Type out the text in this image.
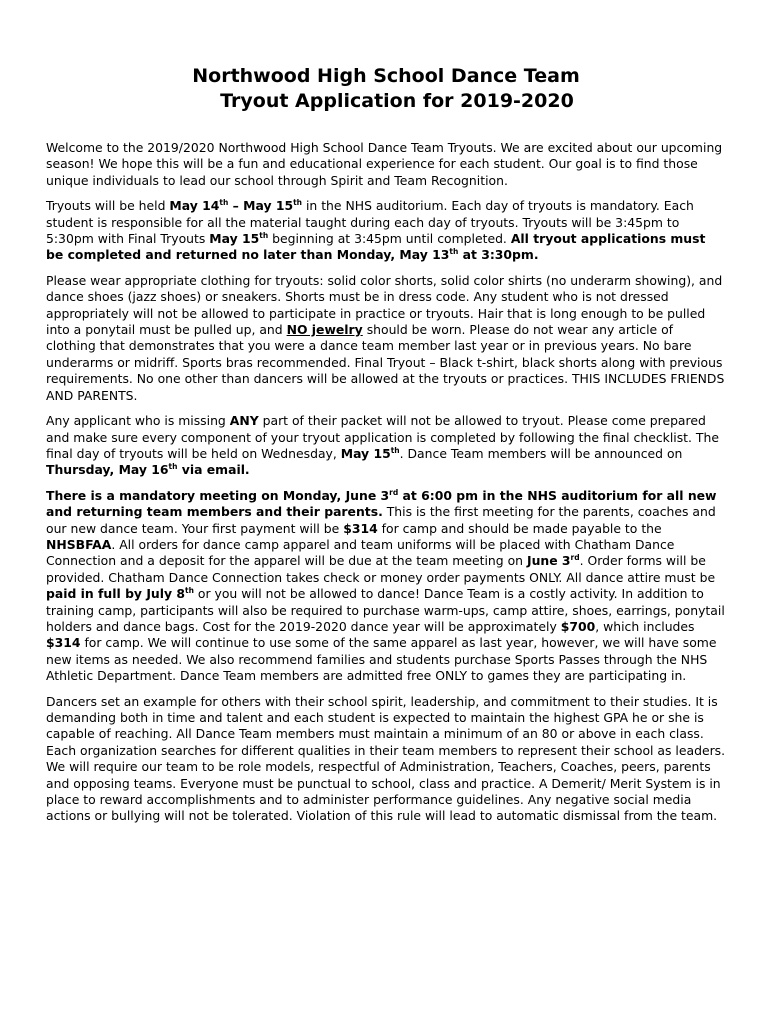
Northwood High School Dance Team
Tryout Application for 2019-2020

Welcome to the 2019/2020 Northwood High School Dance Team Tryouts. We are excited about our upcoming season! We hope this will be a fun and educational experience for each student. Our goal is to find those unique individuals to lead our school through Spirit and Team Recognition.

Tryouts will be held May 14th – May 15th in the NHS auditorium. Each day of tryouts is mandatory. Each student is responsible for all the material taught during each day of tryouts. Tryouts will be 3:45pm to 5:30pm with Final Tryouts May 15th beginning at 3:45pm until completed. All tryout applications must be completed and returned no later than Monday, May 13th at 3:30pm.

Please wear appropriate clothing for tryouts: solid color shorts, solid color shirts (no underarm showing), and dance shoes (jazz shoes) or sneakers. Shorts must be in dress code. Any student who is not dressed appropriately will not be allowed to participate in practice or tryouts. Hair that is long enough to be pulled into a ponytail must be pulled up, and NO jewelry should be worn. Please do not wear any article of clothing that demonstrates that you were a dance team member last year or in previous years. No bare underarms or midriff. Sports bras recommended. Final Tryout – Black t-shirt, black shorts along with previous requirements. No one other than dancers will be allowed at the tryouts or practices. THIS INCLUDES FRIENDS AND PARENTS.

Any applicant who is missing ANY part of their packet will not be allowed to tryout. Please come prepared and make sure every component of your tryout application is completed by following the final checklist. The final day of tryouts will be held on Wednesday, May 15th. Dance Team members will be announced on Thursday, May 16th via email.

There is a mandatory meeting on Monday, June 3rd at 6:00 pm in the NHS auditorium for all new and returning team members and their parents. This is the first meeting for the parents, coaches and our new dance team. Your first payment will be $314 for camp and should be made payable to the NHSBFAA. All orders for dance camp apparel and team uniforms will be placed with Chatham Dance Connection and a deposit for the apparel will be due at the team meeting on June 3rd. Order forms will be provided. Chatham Dance Connection takes check or money order payments ONLY. All dance attire must be paid in full by July 8th or you will not be allowed to dance! Dance Team is a costly activity. In addition to training camp, participants will also be required to purchase warm-ups, camp attire, shoes, earrings, ponytail holders and dance bags. Cost for the 2019-2020 dance year will be approximately $700, which includes $314 for camp. We will continue to use some of the same apparel as last year, however, we will have some new items as needed. We also recommend families and students purchase Sports Passes through the NHS Athletic Department. Dance Team members are admitted free ONLY to games they are participating in.

Dancers set an example for others with their school spirit, leadership, and commitment to their studies. It is demanding both in time and talent and each student is expected to maintain the highest GPA he or she is capable of reaching. All Dance Team members must maintain a minimum of an 80 or above in each class. Each organization searches for different qualities in their team members to represent their school as leaders. We will require our team to be role models, respectful of Administration, Teachers, Coaches, peers, parents and opposing teams. Everyone must be punctual to school, class and practice. A Demerit/ Merit System is in place to reward accomplishments and to administer performance guidelines. Any negative social media actions or bullying will not be tolerated. Violation of this rule will lead to automatic dismissal from the team.
